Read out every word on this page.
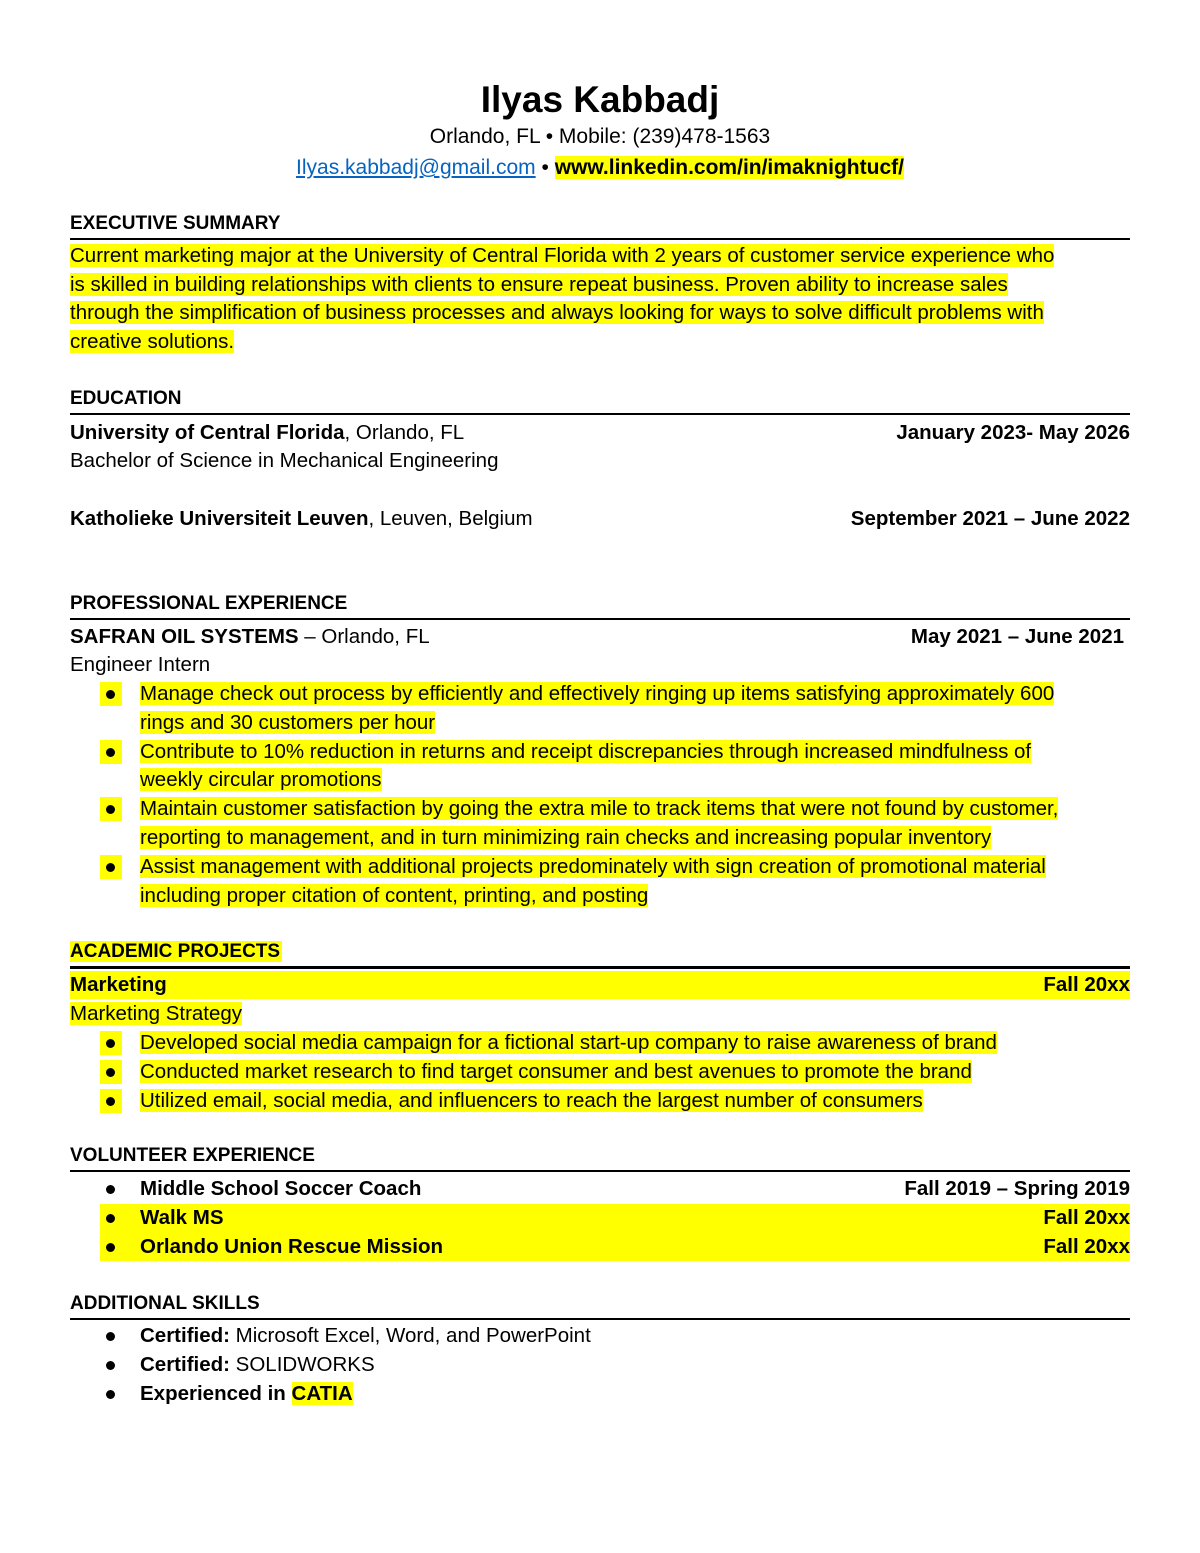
Ilyas Kabbadj
Orlando, FL • Mobile: (239)478-1563
Ilyas.kabbadj@gmail.com • www.linkedin.com/in/imaknightucf/
EXECUTIVE SUMMARY
Current marketing major at the University of Central Florida with 2 years of customer service experience who
is skilled in building relationships with clients to ensure repeat business. Proven ability to increase sales
through the simplification of business processes and always looking for ways to solve difficult problems with
creative solutions.
EDUCATION
University of Central Florida, Orlando, FL	January 2023- May 2026
Bachelor of Science in Mechanical Engineering
Katholieke Universiteit Leuven, Leuven, Belgium	September 2021 – June 2022
PROFESSIONAL EXPERIENCE
SAFRAN OIL SYSTEMS – Orlando, FL	May 2021 – June 2021
Engineer Intern
Manage check out process by efficiently and effectively ringing up items satisfying approximately 600
rings and 30 customers per hour
Contribute to 10% reduction in returns and receipt discrepancies through increased mindfulness of
weekly circular promotions
Maintain customer satisfaction by going the extra mile to track items that were not found by customer,
reporting to management, and in turn minimizing rain checks and increasing popular inventory
Assist management with additional projects predominately with sign creation of promotional material
including proper citation of content, printing, and posting
ACADEMIC PROJECTS
Marketing	Fall 20xx
Marketing Strategy
Developed social media campaign for a fictional start-up company to raise awareness of brand
Conducted market research to find target consumer and best avenues to promote the brand
Utilized email, social media, and influencers to reach the largest number of consumers
VOLUNTEER EXPERIENCE
Middle School Soccer Coach	Fall 2019 – Spring 2019
Walk MS	Fall 20xx
Orlando Union Rescue Mission	Fall 20xx
ADDITIONAL SKILLS
Certified: Microsoft Excel, Word, and PowerPoint
Certified: SOLIDWORKS
Experienced in CATIA
